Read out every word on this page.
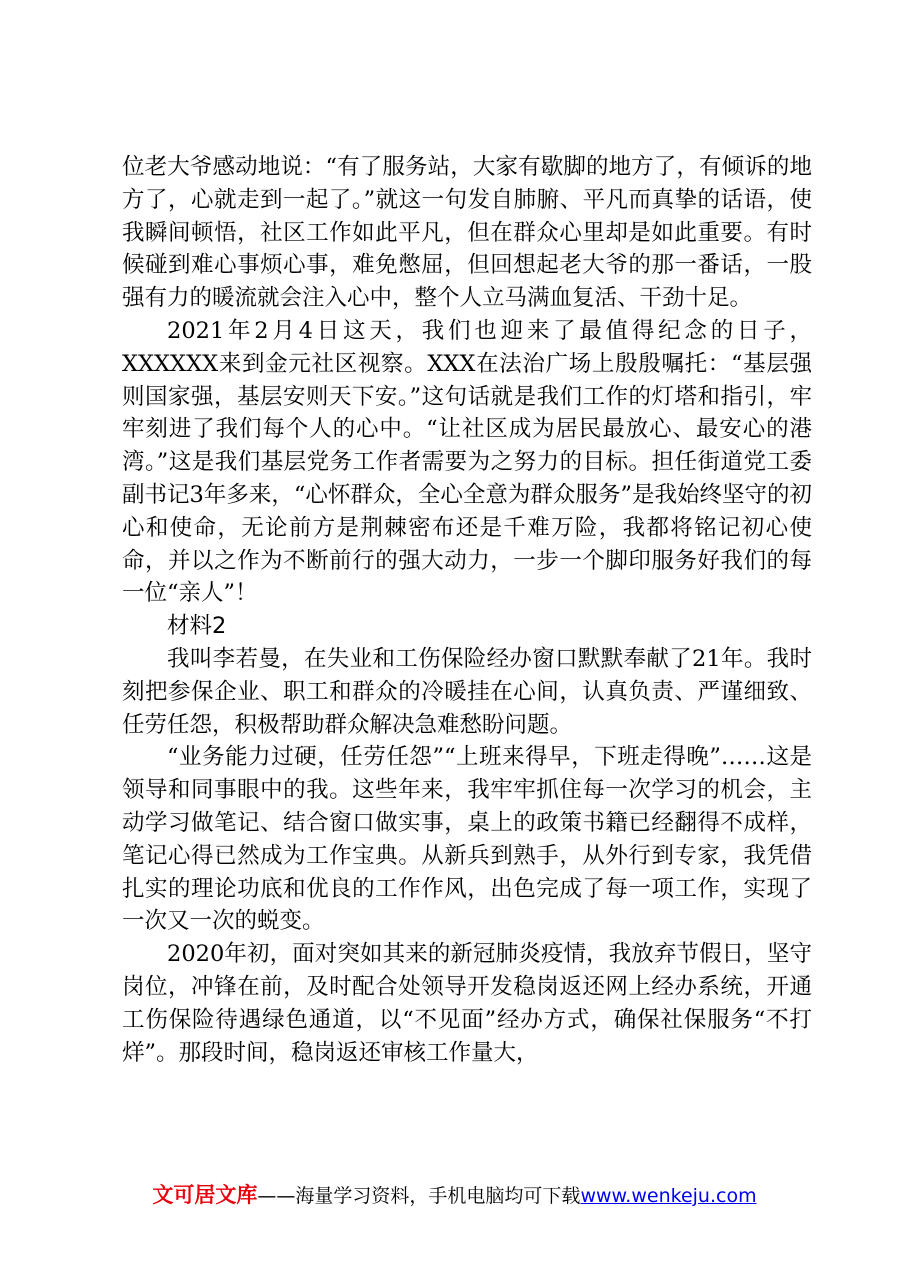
位老大爷感动地说：“有了服务站，大家有歇脚的地方了，有倾诉的地方了，心就走到一起了。”就这一句发自肺腑、平凡而真挚的话语，使我瞬间顿悟，社区工作如此平凡，但在群众心里却是如此重要。有时候碰到难心事烦心事，难免憋屈，但回想起老大爷的那一番话，一股强有力的暖流就会注入心中，整个人立马满血复活、干劲十足。

2021年2月4日这天，我们也迎来了最值得纪念的日子，XXXXXX来到金元社区视察。XXX在法治广场上殷殷嘱托：“基层强则国家强，基层安则天下安。”这句话就是我们工作的灯塔和指引，牢牢刻进了我们每个人的心中。“让社区成为居民最放心、最安心的港湾。”这是我们基层党务工作者需要为之努力的目标。担任街道党工委副书记3年多来，“心怀群众，全心全意为群众服务”是我始终坚守的初心和使命，无论前方是荆棘密布还是千难万险，我都将铭记初心使命，并以之作为不断前行的强大动力，一步一个脚印服务好我们的每一位“亲人”！

材料2

我叫李若曼，在失业和工伤保险经办窗口默默奉献了21年。我时刻把参保企业、职工和群众的冷暖挂在心间，认真负责、严谨细致、任劳任怨，积极帮助群众解决急难愁盼问题。

“业务能力过硬，任劳任怨”“上班来得早，下班走得晚”……这是领导和同事眼中的我。这些年来，我牢牢抓住每一次学习的机会，主动学习做笔记、结合窗口做实事，桌上的政策书籍已经翻得不成样，笔记心得已然成为工作宝典。从新兵到熟手，从外行到专家，我凭借扎实的理论功底和优良的工作作风，出色完成了每一项工作，实现了一次又一次的蜕变。

2020年初，面对突如其来的新冠肺炎疫情，我放弃节假日，坚守岗位，冲锋在前，及时配合处领导开发稳岗返还网上经办系统，开通工伤保险待遇绿色通道，以“不见面”经办方式，确保社保服务“不打烊”。那段时间，稳岗返还审核工作量大，

文可居文库——海量学习资料，手机电脑均可下载www.wenkeju.com
